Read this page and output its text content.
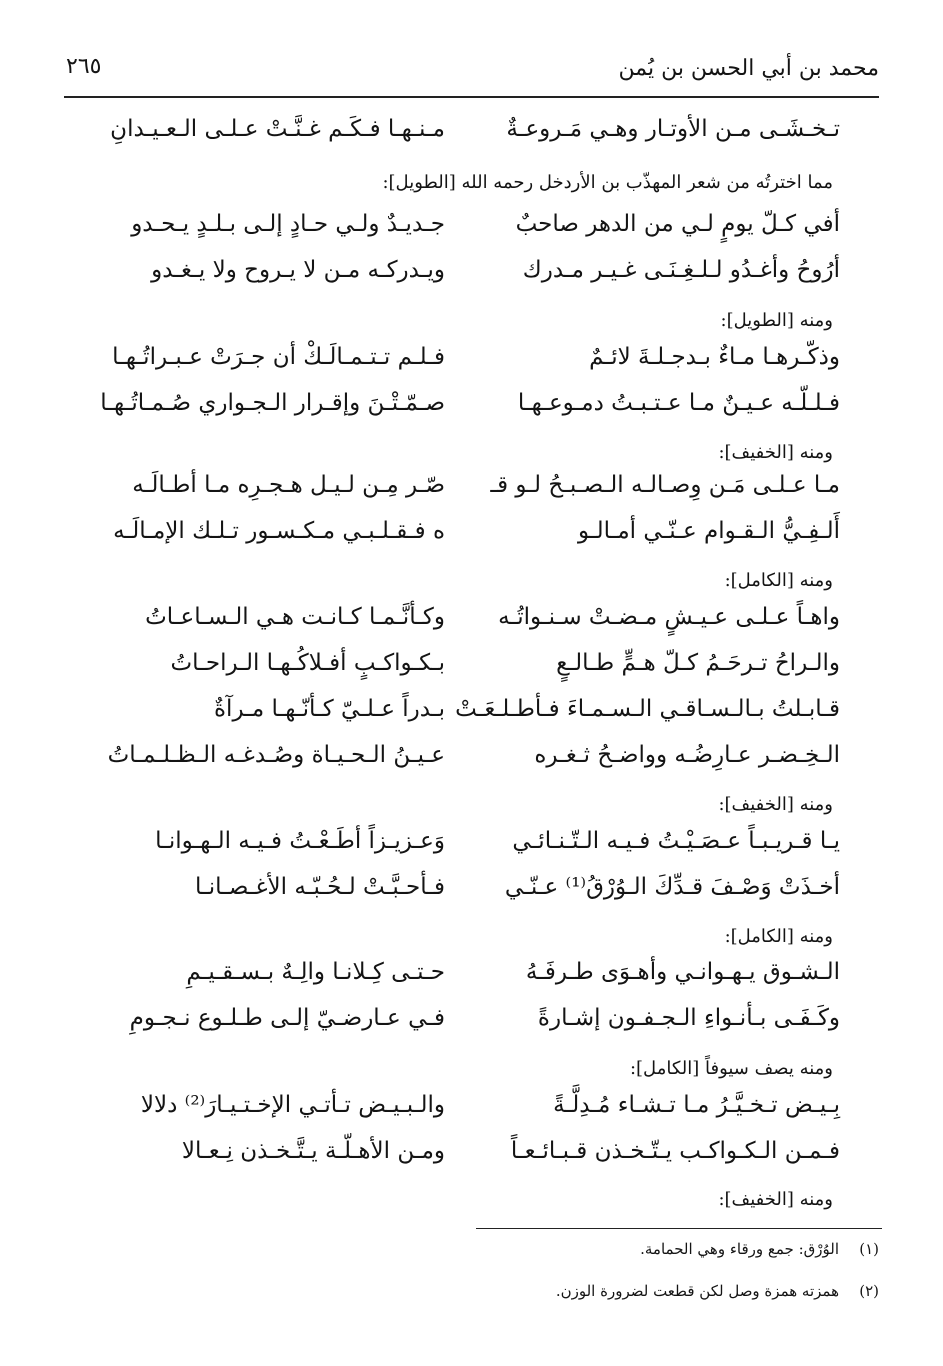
محمد بن أبي الحسن بن يُمن
٢٦٥
تـخـشَـى مـن الأوتـار وهـي مَـروعـةٌ
مـنـهـا فـكَـم غـنَّـتْ عـلـى الـعـيـدانِ
مما اخترتُه من شعر المهذّب بن الأردخل رحمه الله [الطويل]:
أفي كـلّ يومٍ لـي من الدهر صاحبٌ
جـديـدٌ ولـي حـادٍ إلـى بـلـدٍ يـحـدو
أرُوحُ وأغـدُو لـلـغِـنَـى غـيـر مـدرك
ويـدركـه مـن لا يـروح ولا يـغـدو
ومنه [الطويل]:
وذكّـرهـا مـاءٌ بـدجـلـةَ لائـمٌ
فـلـم تـتـمـالَـكْ أن جـرَتْ عـبـراتُـهـا
فـلـلّـه عـيـنٌ مـا عـتـبـتُ دمـوعـهـا
صـمّـتْـنَ وإقـرار الـجـواري صُـمـاتُـهـا
ومنه [الخفيف]:
مـا عـلـى مَـن وِصـالـه الـصـبـحُ لـو قـ
صّـر مِـن لـيـل هـجـرِه مـا أطـالَـه
أَلـفِـيُّ الـقـوام عـنّـي أمـالـو
ه فـقـلـبـي مـكـسـور تـلـك الإمـالَـه
ومنه [الكامل]:
واهـاً عـلـى عـيـشٍ مـضـتْ سـنـواتُـه
وكـأنَّـمـا كـانـت هـي الـسـاعـاتُ
والـراحُ تـرحَـمُ كـلّ هـمٍّ طـالـعٍ
بـكـواكـبٍ أفـلاكُـهـا الـراحـاتُ
قـابـلتُ بـالـسـاقـي الـسـمـاءَ فـأطـلـعَـتْ
بـدراً عـلـيّ كـأنّـهـا مـرآةٌ
الـخِـضـر عـارِضُـه وواضـحُ ثـغـره
عـيـنُ الـحـيـاة وصُـدغـه الـظـلـمـاتُ
ومنه [الخفيف]:
يـا قـريـبـاً عـصَـيْـتُ فـيـه الـتّـنـائـي
وَعـزيـزاً أطَـعْـتُ فـيـه الـهـوانـا
أخـذَتْ وَصْـفَ قـدِّكَ الـوُرْقُ⁽¹⁾ عـنّـي
فـأحـبَّـتْ لـحُـبّـه الأغـصـانـا
ومنه [الكامل]:
الـشـوق يـهـوانـي وأهـوَى طـرفَـهُ
حـتـى كِـلانـا والِـهٌ بـسـقـيـمِ
وكَـفَـى بـأنـواءِ الـجـفـون إشـارةً
فـي عـارضـيّ إلـى طـلـوع نـجـومِ
ومنه يصف سيوفاً [الكامل]:
بِـيـض تـخـيَّـرُ مـا تـشـاء مُـدِلَّـةً
والـبـيـض تـأتـي الإخـتـيـارَ⁽²⁾ دلالا
فـمـن الـكـواكـب يـتّـخـذن قـبـائـعـاً
ومـن الأهـلّـة يـتَّـخـذن نِـعـالا
ومنه [الخفيف]:
(١)الوُرْق: جمع ورقاء وهي الحمامة.
(٢)همزته همزة وصل لكن قطعت لضرورة الوزن.
